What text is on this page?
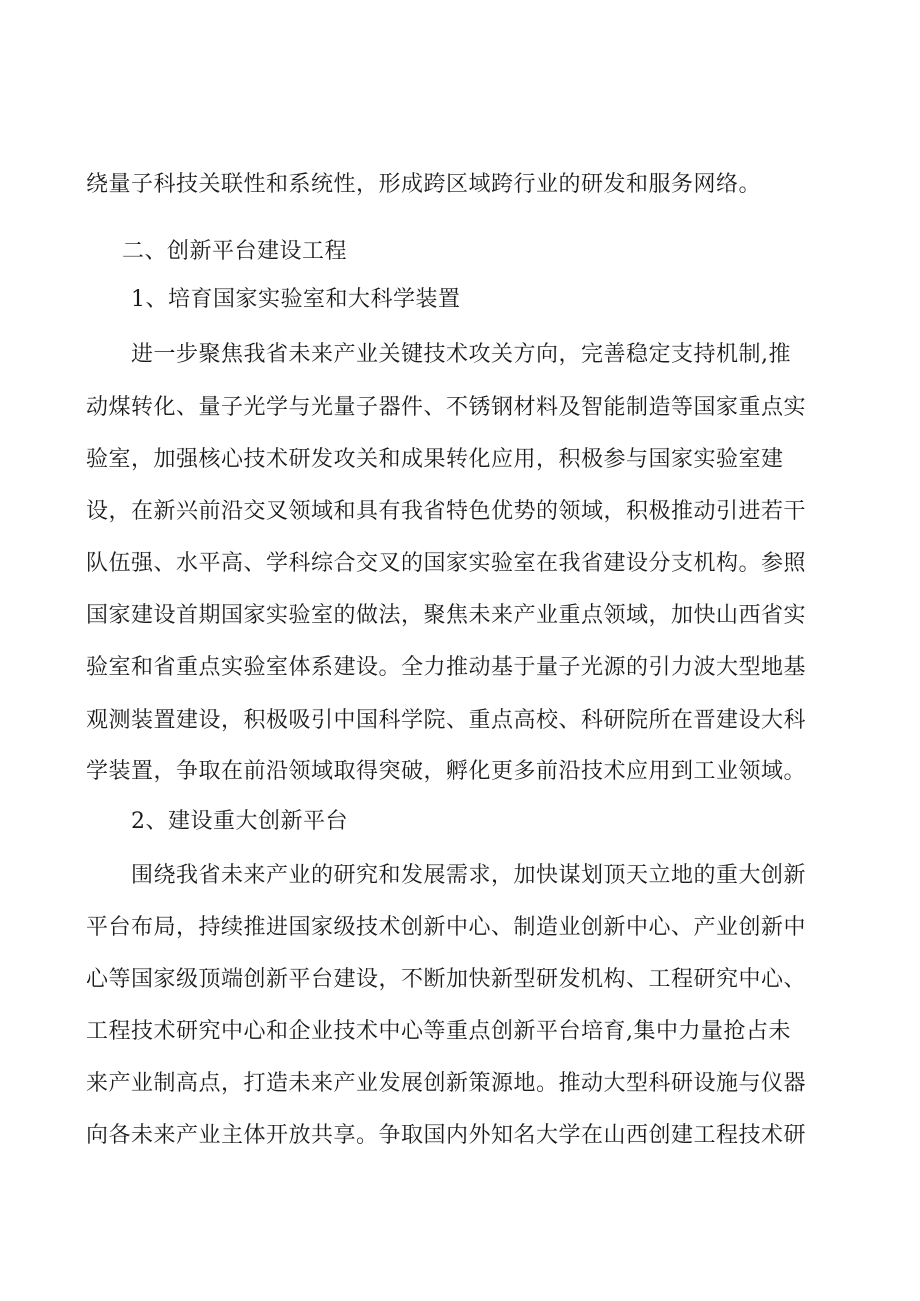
绕量子科技关联性和系统性，形成跨区域跨行业的研发和服务网络。
二、创新平台建设工程
1、培育国家实验室和大科学装置
进一步聚焦我省未来产业关键技术攻关方向，完善稳定支持机制,推
动煤转化、量子光学与光量子器件、不锈钢材料及智能制造等国家重点实
验室，加强核心技术研发攻关和成果转化应用，积极参与国家实验室建
设，在新兴前沿交叉领域和具有我省特色优势的领域，积极推动引进若干
队伍强、水平高、学科综合交叉的国家实验室在我省建设分支机构。参照
国家建设首期国家实验室的做法，聚焦未来产业重点领域，加快山西省实
验室和省重点实验室体系建设。全力推动基于量子光源的引力波大型地基
观测装置建设，积极吸引中国科学院、重点高校、科研院所在晋建设大科
学装置，争取在前沿领域取得突破，孵化更多前沿技术应用到工业领域。
2、建设重大创新平台
围绕我省未来产业的研究和发展需求，加快谋划顶天立地的重大创新
平台布局，持续推进国家级技术创新中心、制造业创新中心、产业创新中
心等国家级顶端创新平台建设，不断加快新型研发机构、工程研究中心、
工程技术研究中心和企业技术中心等重点创新平台培育,集中力量抢占未
来产业制高点，打造未来产业发展创新策源地。推动大型科研设施与仪器
向各未来产业主体开放共享。争取国内外知名大学在山西创建工程技术研
